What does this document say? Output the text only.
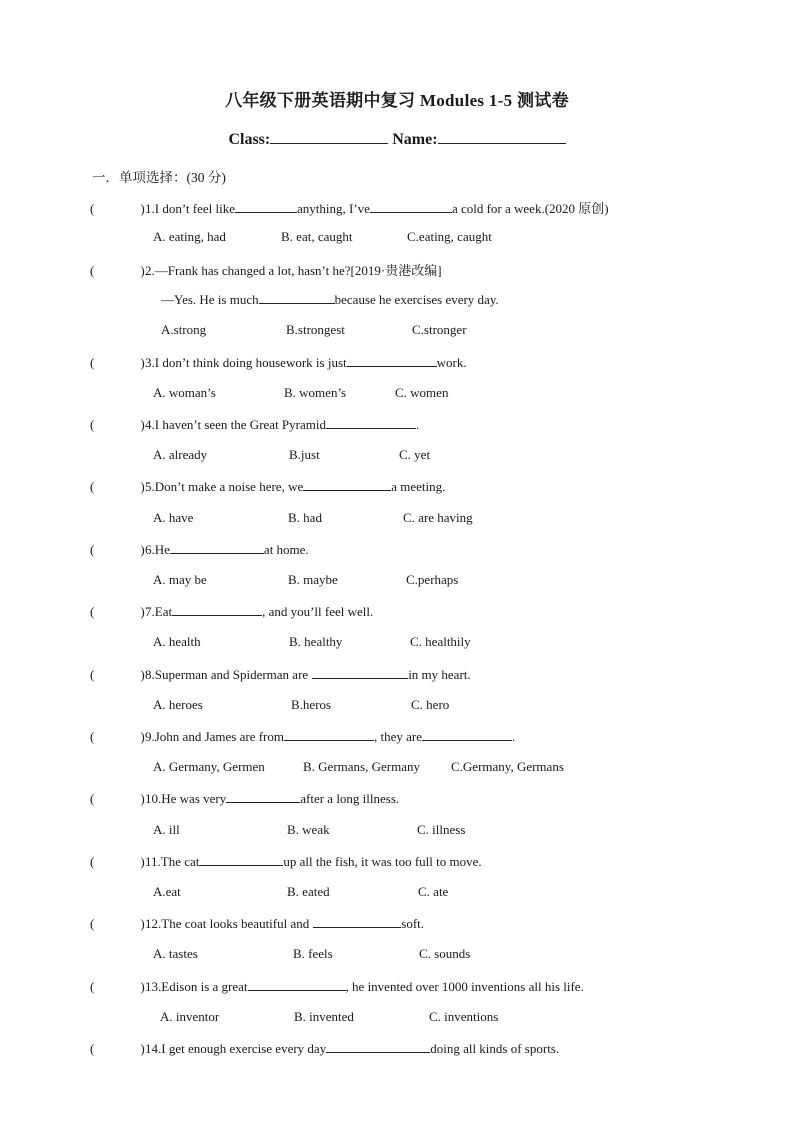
八年级下册英语期中复习 Modules 1-5 测试卷
Class:	Name:
一．单项选择：(30 分)
(	)1.I don’t feel like	anything, I’ve	a cold for a week.(2020 原创)
A. eating, had	B. eat, caught	C.eating, caught
(	)2.—Frank has changed a lot, hasn’t he?[2019·贵港改编]
—Yes. He is much	because he exercises every day.
A.strong	B.strongest	C.stronger
(	)3.I don’t think doing housework is just	work.
A. woman’s	B. women’s	C. women
(	)4.I haven’t seen the Great Pyramid	.
A. already	B.just	C. yet
(	)5.Don’t make a noise here, we	a meeting.
A. have	B. had	C. are having
(	)6.He	at home.
A. may be	B. maybe	C.perhaps
(	)7.Eat	, and you’ll feel well.
A. health	B. healthy	C. healthily
(	)8.Superman and Spiderman are	in my heart.
A. heroes	B.heros	C. hero
(	)9.John and James are from	, they are	.
A. Germany, Germen	B. Germans, Germany C.Germany, Germans
(	)10.He was very	after a long illness.
A. ill	B. weak	C. illness
(	)11.The cat	up all the fish, it was too full to move.
A.eat	B. eated	C. ate
(	)12.The coat looks beautiful and	soft.
A. tastes	B. feels	C. sounds
(	)13.Edison is a great	, he invented over 1000 inventions all his life.
A. inventor	B. invented	C. inventions
(	)14.I get enough exercise every day	doing all kinds of sports.
